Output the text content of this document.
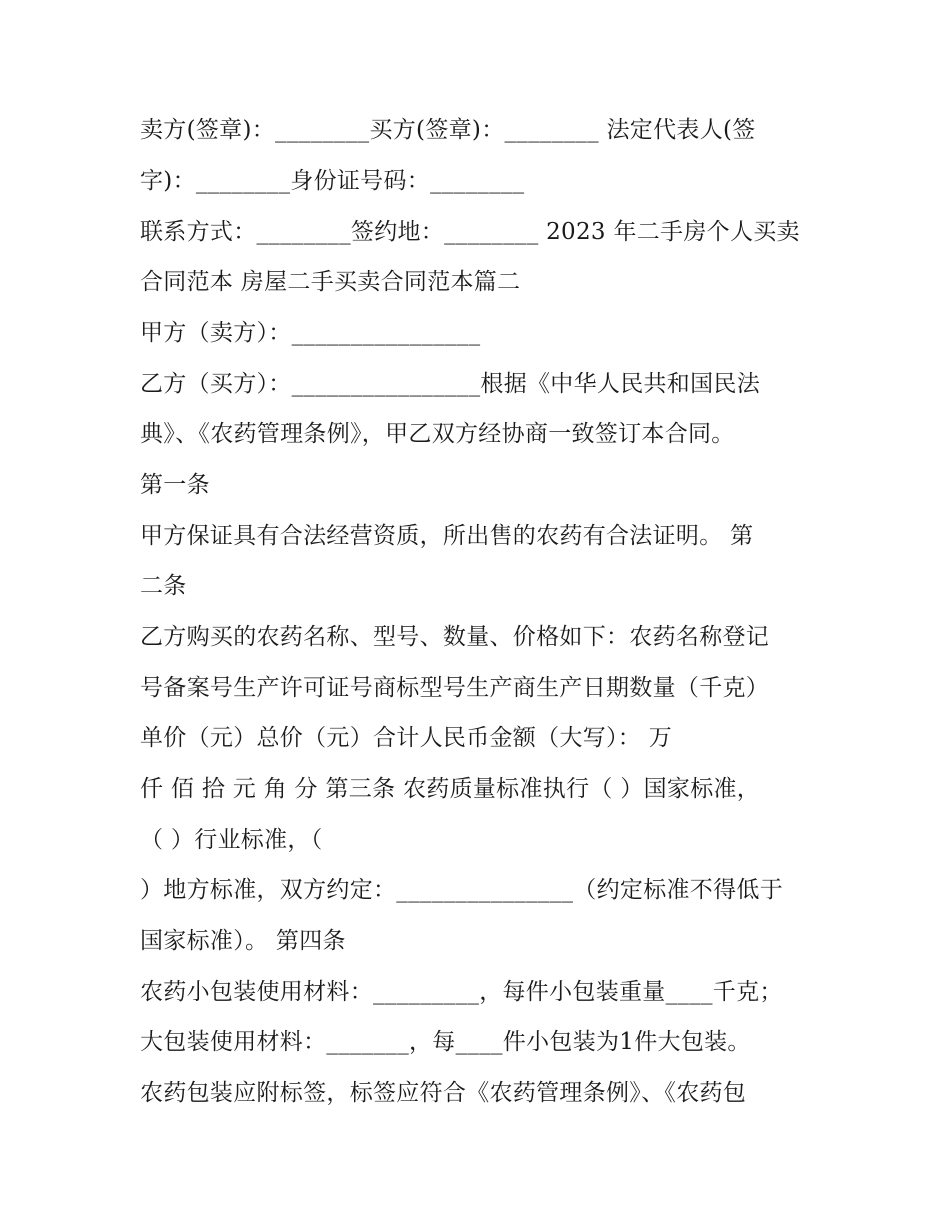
卖方(签章)：________买方(签章)：________ 法定代表人(签
字)：________身份证号码：________
联系方式：________签约地：________ 2023 年二手房个人买卖
合同范本 房屋二手买卖合同范本篇二
甲方（卖方）：________________
乙方（买方）：________________根据《中华人民共和国民法
典》、《农药管理条例》，甲乙双方经协商一致签订本合同。
第一条
甲方保证具有合法经营资质，所出售的农药有合法证明。 第
二条
乙方购买的农药名称、型号、数量、价格如下：农药名称登记
号备案号生产许可证号商标型号生产商生产日期数量（千克）
单价（元）总价（元）合计人民币金额（大写）： 万
仟 佰 拾 元 角 分 第三条 农药质量标准执行（ ）国家标准，
（ ）行业标准，（
）地方标准，双方约定：_______________（约定标准不得低于
国家标准）。 第四条
农药小包装使用材料：_________，每件小包装重量____千克；
大包装使用材料：_______，每____件小包装为1件大包装。
农药包装应附标签，标签应符合《农药管理条例》、《农药包
